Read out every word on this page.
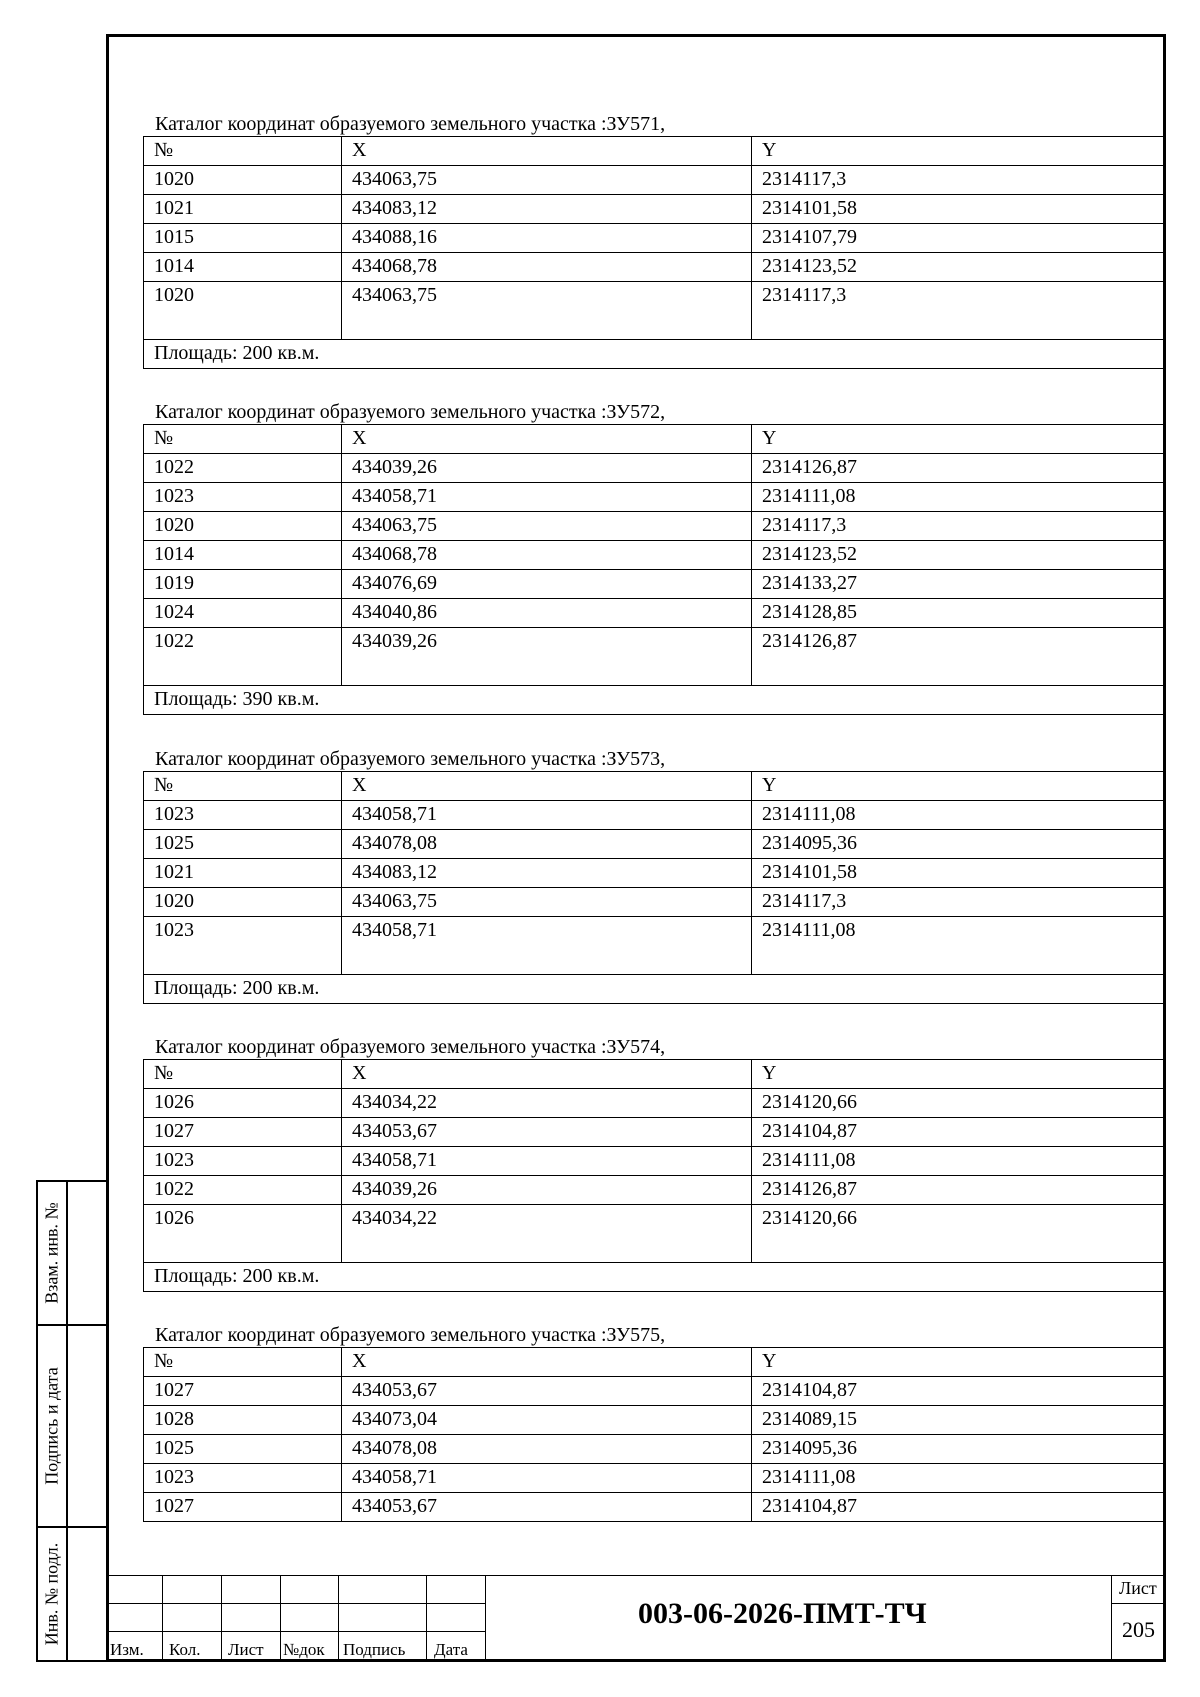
Каталог координат образуемого земельного участка :ЗУ571,
№	X	Y
1020	434063,75	2314117,3
1021	434083,12	2314101,58
1015	434088,16	2314107,79
1014	434068,78	2314123,52
1020	434063,75	2314117,3
Площадь: 200 кв.м.		
Каталог координат образуемого земельного участка :ЗУ572,
№	X	Y
1022	434039,26	2314126,87
1023	434058,71	2314111,08
1020	434063,75	2314117,3
1014	434068,78	2314123,52
1019	434076,69	2314133,27
1024	434040,86	2314128,85
1022	434039,26	2314126,87
Площадь: 390 кв.м.		
Каталог координат образуемого земельного участка :ЗУ573,
№	X	Y
1023	434058,71	2314111,08
1025	434078,08	2314095,36
1021	434083,12	2314101,58
1020	434063,75	2314117,3
1023	434058,71	2314111,08
Площадь: 200 кв.м.		
Каталог координат образуемого земельного участка :ЗУ574,
№	X	Y
1026	434034,22	2314120,66
1027	434053,67	2314104,87
1023	434058,71	2314111,08
1022	434039,26	2314126,87
1026	434034,22	2314120,66
Площадь: 200 кв.м.		
Каталог координат образуемого земельного участка :ЗУ575,
№	X	Y
1027	434053,67	2314104,87
1028	434073,04	2314089,15
1025	434078,08	2314095,36
1023	434058,71	2314111,08
1027	434053,67	2314104,87
Взам. инв. №
Подпись и дата
Инв. № подл.
Изм. Кол. Лист №док Подпись Дата
003-06-2026-ПМТ-ТЧ
Лист
205
